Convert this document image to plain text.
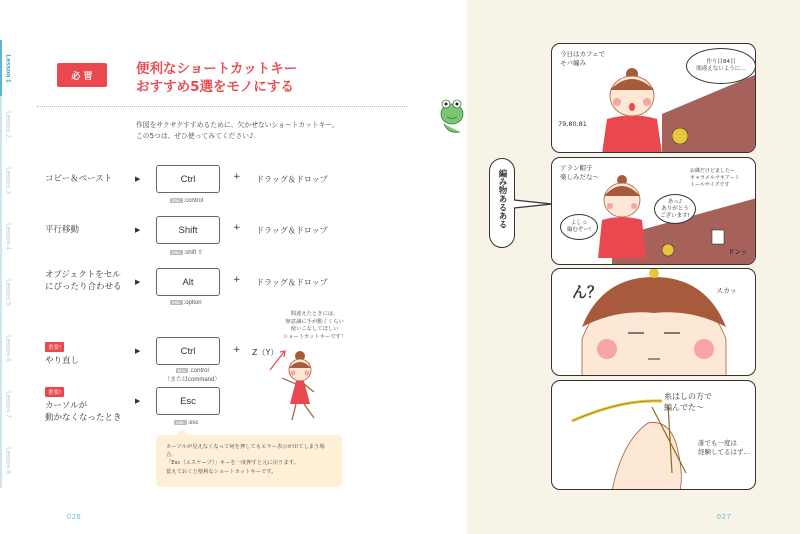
Lesson 1
Lesson 2
Lesson 3
Lesson 4
Lesson 5
Lesson 6
Lesson 7
Lesson 8
必 習	便利なショートカットキー
おすすめ5選をモノにする
作図をサクサクすすめるために、欠かせないショートカットキー。
この5つは、ぜひ使ってみてください♪
コピー＆ペースト	▶	Ctrl
Mac :control
+ ドラッグ＆ドロップ
平行移動	▶	Shift
Mac :shift ⇧
+ ドラッグ＆ドロップ
オブジェクトをセル
にぴったり合わせる ▶	Alt
Mac :option
+ ドラッグ＆ドロップ
重要!
やり直し
▶	Ctrl
Mac :control
（またはcommand）
+ Z（Y）
重要!
カーソルが
動かなくなったとき
▶	Esc
Mac :esc
間違えたときには、
無意識に手が動くくらい
使いこなしてほしい
ショートカットキーです！
カーソルが見えなくなって何を押してもエラー表示が出てしまう場合、
「Esc（エスケープ）」キーを一度押すと元に戻ります。
覚えておくと便利なショートカットキーです。
026
編み物あるある
今日はカフェで
モバ編み	作り目84目
間違えないように…
79,80,81
アラン帽子
楽しみだな～
お隣だけどましたー
キャラメルマキアート
トールサイズです
あっ♪
ありがとう
ございます!
よしっ
編むぞー!
ドンッ
ん？	スカッ
糸はしの方で
編んでた～
誰でも一度は
経験してるはず…
027
